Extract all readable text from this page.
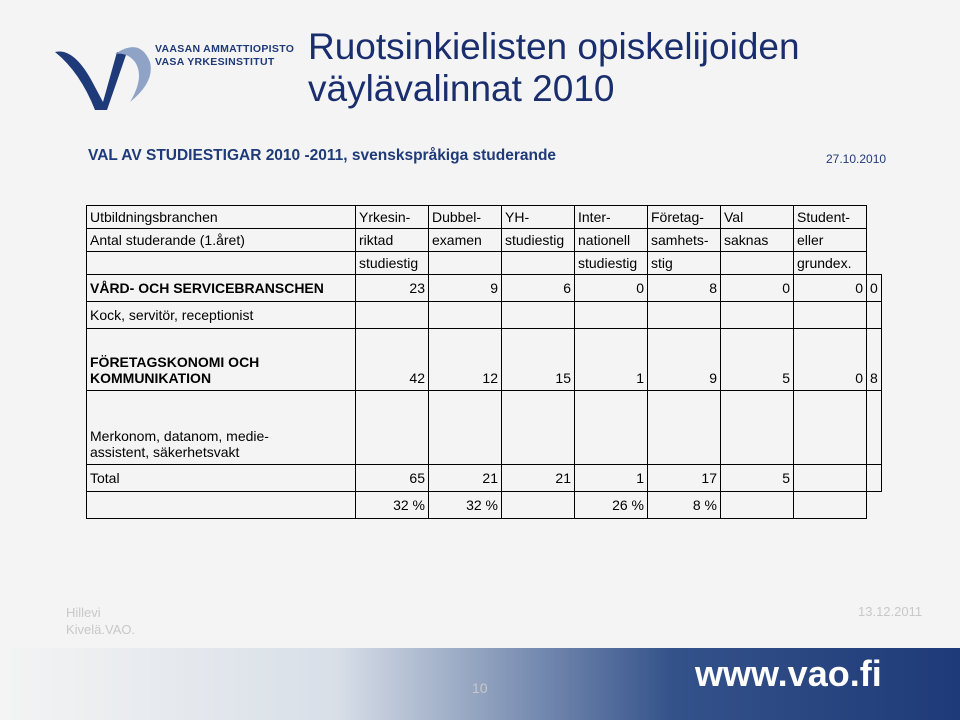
VAASAN AMMATTIOPISTO
VASA YRKESINSTITUT Ruotsinkielisten opiskelijoiden
väylävalinnat 2010
VAL AV STUDIESTIGAR 2010 -2011, svenskspråkiga studerande	27.10.2010
Utbildningsbranchen	Yrkesin-	Dubbel-	YH-	Inter-	Företag-	Val	Student-	
Antal studerande (1.året)	riktad	examen	studiestig	nationell	samhets-	saknas	eller	
	studiestig			studiestig	stig		grundex.	
VÅRD- OCH SERVICEBRANSCHEN	23	9	6	0	8	0	0	0
Kock, servitör, receptionist								
FÖRETAGSKONOMI OCH KOMMUNIKATION	42	12	15	1	9	5	0	8

Merkonom, datanom, medie-assistent, säkerhetsvakt								

Total	65	21	21	1	17	5		
	32 %	32 %		26 %	8 %			
Hillevi
Kivelä.VAO.
13.12.2011
www.vao.fi
10
